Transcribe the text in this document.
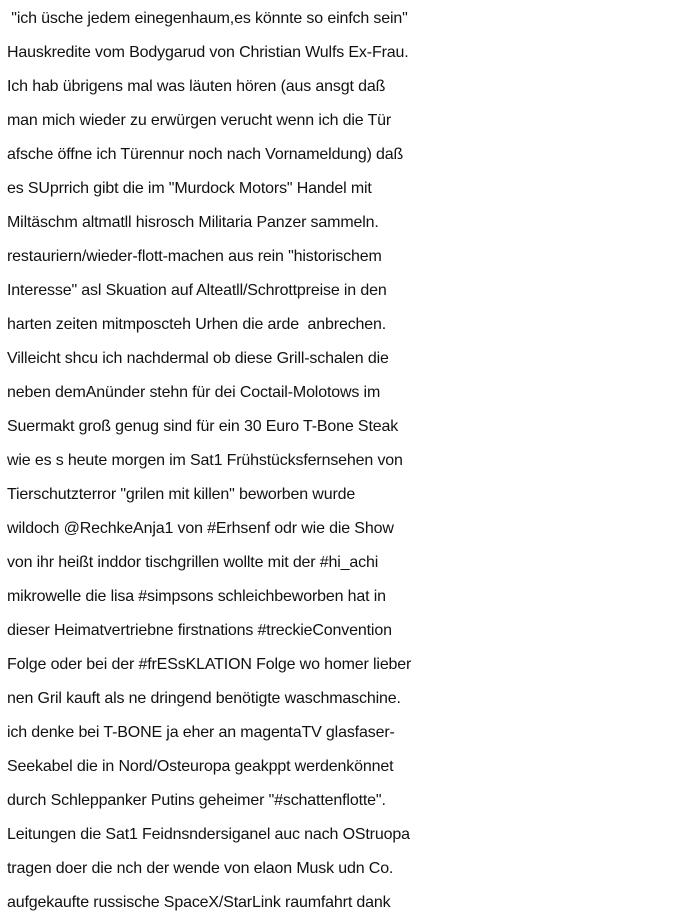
"ich üsche jedem einegenhaum,es könnte so einfch sein"
Hauskredite vom Bodygarud von Christian Wulfs Ex-Frau.
Ich hab übrigens mal was läuten hören (aus ansgt daß
man mich wieder zu erwürgen verucht wenn ich die Tür
afsche öffne ich Türennur noch nach Vornameldung) daß
es SUprrich gibt die im "Murdock Motors" Handel mit
Miltäschm altmatll hisrosch Militaria Panzer sammeln.
restauriern/wieder-flott-machen aus rein "historischem
Interesse" asl Skuation auf Alteatll/Schrottpreise in den
harten zeiten mitmposcteh Urhen die arde  anbrechen.
Villeicht shcu ich nachdermal ob diese Grill-schalen die
neben demAnünder stehn für dei Coctail-Molotows im
Suermakt groß genug sind für ein 30 Euro T-Bone Steak
wie es s heute morgen im Sat1 Frühstücksfernsehen von
Tierschutzterror "grilen mit killen" beworben wurde
wildoch @RechkeAnja1 von #Erhsenf odr wie die Show
von ihr heißt inddor tischgrillen wollte mit der #hi_achi
mikrowelle die lisa #simpsons schleichbeworben hat in
dieser Heimatvertriebne firstnations #treckieConvention
Folge oder bei der #frESsKLATION Folge wo homer lieber
nen Gril kauft als ne dringend benötigte waschmaschine.
ich denke bei T-BONE ja eher an magentaTV glasfaser-
Seekabel die in Nord/Osteuropa geakppt werdenkönnet
durch Schleppanker Putins geheimer "#schattenflotte".
Leitungen die Sat1 Feidnsndersiganel auc nach OStruopa
tragen doer die nch der wende von elaon Musk udn Co.
aufgekaufte russische SpaceX/StarLink raumfahrt dank
